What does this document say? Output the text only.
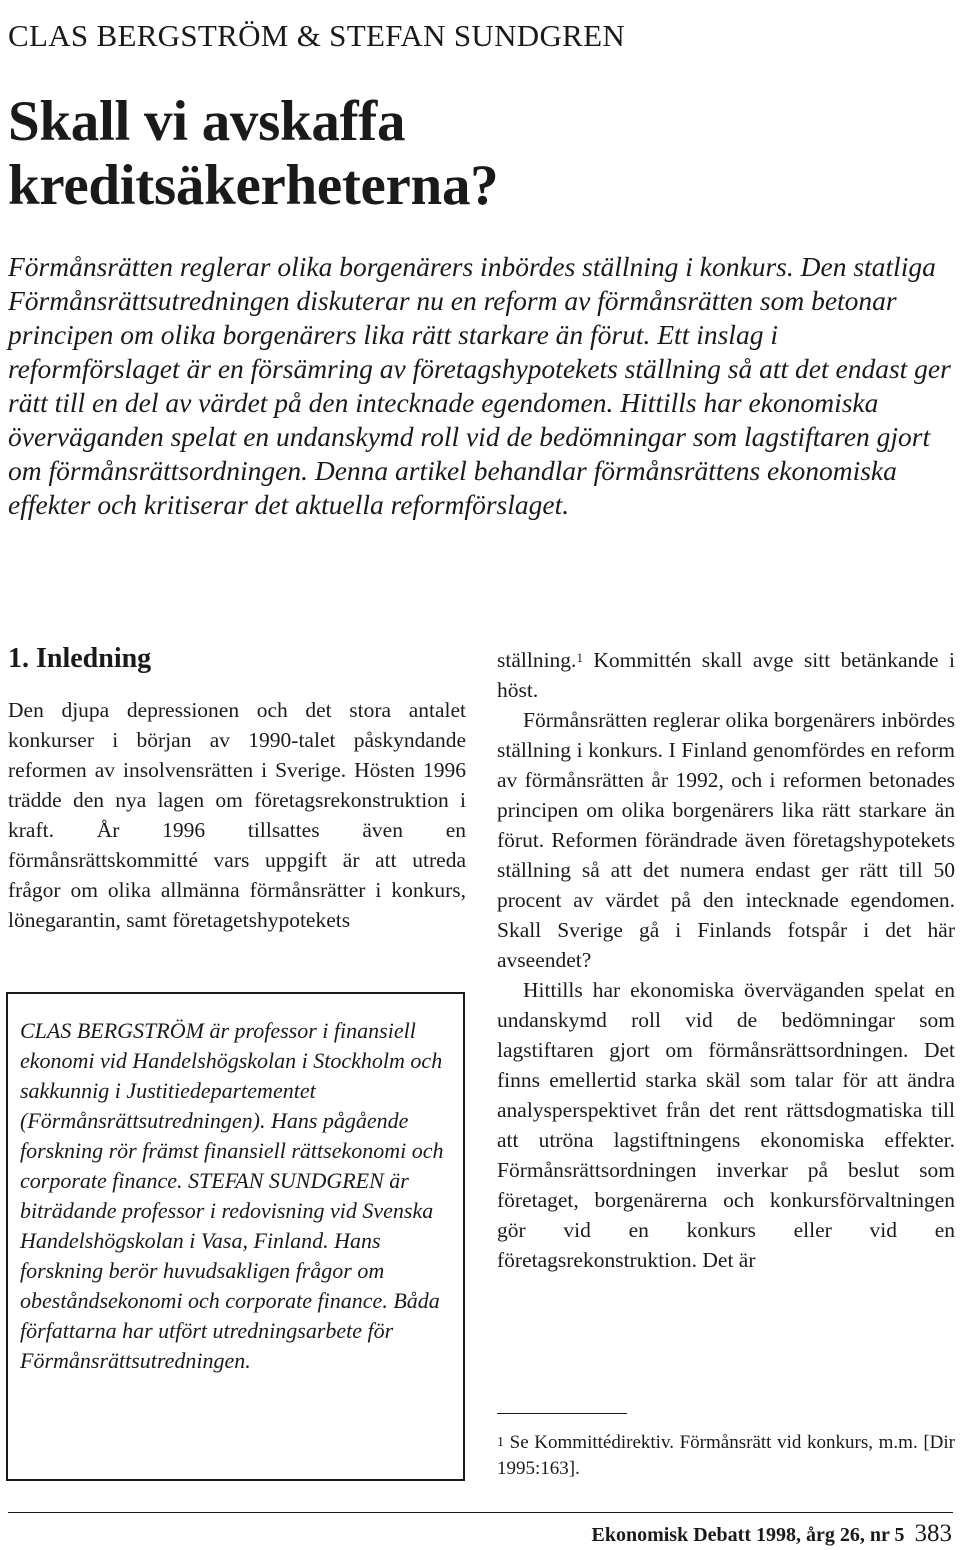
CLAS BERGSTRÖM & STEFAN SUNDGREN
Skall vi avskaffa kreditsäkerheterna?

Förmånsrätten reglerar olika borgenärers inbördes ställning i konkurs. Den statliga Förmånsrättsutredningen diskuterar nu en reform av förmånsrätten som betonar principen om olika borgenärers lika rätt starkare än förut. Ett inslag i reformförslaget är en försämring av företagshypotekets ställning så att det endast ger rätt till en del av värdet på den intecknade egendomen. Hittills har ekonomiska överväganden spelat en undanskymd roll vid de bedömningar som lagstiftaren gjort om förmånsrättsordningen. Denna artikel behandlar förmånsrättens ekonomiska effekter och kritiserar det aktuella reformförslaget.

1. Inledning

Den djupa depressionen och det stora antalet konkurser i början av 1990-talet påskyndande reformen av insolvensrätten i Sverige. Hösten 1996 trädde den nya lagen om företagsrekonstruktion i kraft. År 1996 tillsattes även en förmånsrättskommitté vars uppgift är att utreda frågor om olika allmänna förmånsrätter i konkurs, lönegarantin, samt företagetshypotekets

CLAS BERGSTRÖM är professor i finansiell ekonomi vid Handelshögskolan i Stockholm och sakkunnig i Justitiedepartementet (Förmånsrättsutredningen). Hans pågående forskning rör främst finansiell rättsekonomi och corporate finance. STEFAN SUNDGREN är biträdande professor i redovisning vid Svenska Handelshögskolan i Vasa, Finland. Hans forskning berör huvudsakligen frågor om obeståndsekonomi och corporate finance. Båda författarna har utfört utredningsarbete för Förmånsrättsutredningen.

ställning.$^1$ Kommittén skall avge sitt betänkande i höst.

Förmånsrätten reglerar olika borgenärers inbördes ställning i konkurs. I Finland genomfördes en reform av förmånsrätten år 1992, och i reformen betonades principen om olika borgenärers lika rätt starkare än förut. Reformen förändrade även företagshypotekets ställning så att det numera endast ger rätt till 50 procent av värdet på den intecknade egendomen. Skall Sverige gå i Finlands fotspår i det här avseendet?

Hittills har ekonomiska överväganden spelat en undanskymd roll vid de bedömningar som lagstiftaren gjort om förmånsrättsordningen. Det finns emellertid starka skäl som talar för att ändra analysperspektivet från det rent rättsdogmatiska till att utröna lagstiftningens ekonomiska effekter. Förmånsrättsordningen inverkar på beslut som företaget, borgenärerna och konkursförvaltningen gör vid en konkurs eller vid en företagsrekonstruktion. Det är

$^1$ Se Kommittédirektiv. Förmånsrätt vid konkurs, m.m. [Dir 1995:163].

Ekonomisk Debatt 1998, årg 26, nr 5 383
